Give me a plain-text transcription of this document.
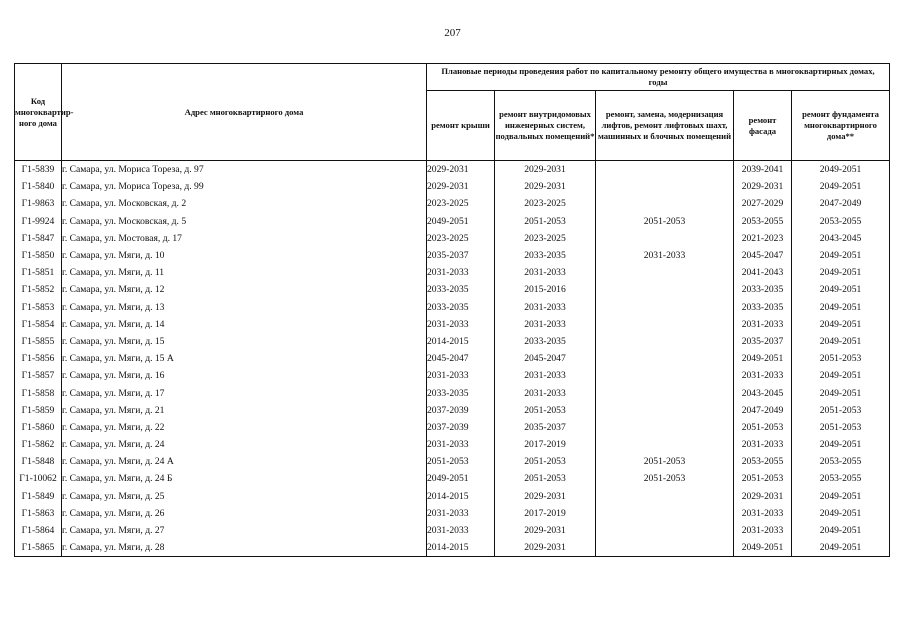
207
Код многоквартир-ного дома	Адрес многоквартирного дома	Плановые периоды проведения работ по капитальному ремонту общего имущества в многоквартирных домах, годы				
		ремонт крыши	ремонт внутридомовых инженерных систем, подвальных помещений*	ремонт, замена, модернизация лифтов, ремонт лифтовых шахт, машинных и блочных помещений	ремонт фасада	ремонт фундамента многоквартирного дома**
Г1-5839	г. Самара, ул. Мориса Тореза, д. 97	2029-2031	2029-2031		2039-2041	2049-2051
Г1-5840	г. Самара, ул. Мориса Тореза, д. 99	2029-2031	2029-2031		2029-2031	2049-2051
Г1-9863	г. Самара, ул. Московская, д. 2	2023-2025	2023-2025		2027-2029	2047-2049
Г1-9924	г. Самара, ул. Московская, д. 5	2049-2051	2051-2053	2051-2053	2053-2055	2053-2055
Г1-5847	г. Самара, ул. Мостовая, д. 17	2023-2025	2023-2025		2021-2023	2043-2045
Г1-5850	г. Самара, ул. Мяги, д. 10	2035-2037	2033-2035	2031-2033	2045-2047	2049-2051
Г1-5851	г. Самара, ул. Мяги, д. 11	2031-2033	2031-2033		2041-2043	2049-2051
Г1-5852	г. Самара, ул. Мяги, д. 12	2033-2035	2015-2016		2033-2035	2049-2051
Г1-5853	г. Самара, ул. Мяги, д. 13	2033-2035	2031-2033		2033-2035	2049-2051
Г1-5854	г. Самара, ул. Мяги, д. 14	2031-2033	2031-2033		2031-2033	2049-2051
Г1-5855	г. Самара, ул. Мяги, д. 15	2014-2015	2033-2035		2035-2037	2049-2051
Г1-5856	г. Самара, ул. Мяги, д. 15 А	2045-2047	2045-2047		2049-2051	2051-2053
Г1-5857	г. Самара, ул. Мяги, д. 16	2031-2033	2031-2033		2031-2033	2049-2051
Г1-5858	г. Самара, ул. Мяги, д. 17	2033-2035	2031-2033		2043-2045	2049-2051
Г1-5859	г. Самара, ул. Мяги, д. 21	2037-2039	2051-2053		2047-2049	2051-2053
Г1-5860	г. Самара, ул. Мяги, д. 22	2037-2039	2035-2037		2051-2053	2051-2053
Г1-5862	г. Самара, ул. Мяги, д. 24	2031-2033	2017-2019		2031-2033	2049-2051
Г1-5848	г. Самара, ул. Мяги, д. 24 А	2051-2053	2051-2053	2051-2053	2053-2055	2053-2055
Г1-10062	г. Самара, ул. Мяги, д. 24 Б	2049-2051	2051-2053	2051-2053	2051-2053	2053-2055
Г1-5849	г. Самара, ул. Мяги, д. 25	2014-2015	2029-2031		2029-2031	2049-2051
Г1-5863	г. Самара, ул. Мяги, д. 26	2031-2033	2017-2019		2031-2033	2049-2051
Г1-5864	г. Самара, ул. Мяги, д. 27	2031-2033	2029-2031		2031-2033	2049-2051
Г1-5865	г. Самара, ул. Мяги, д. 28	2014-2015	2029-2031		2049-2051	2049-2051
